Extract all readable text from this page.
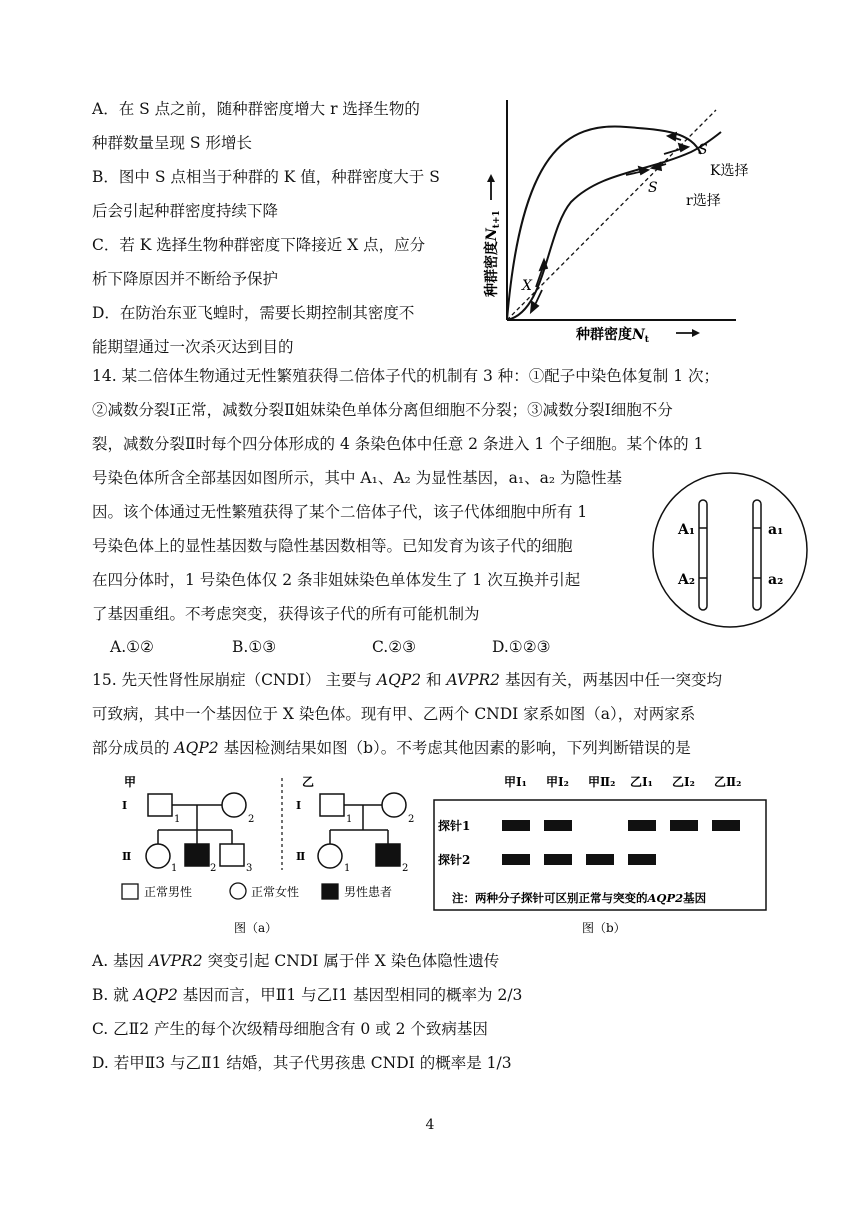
A．在 S 点之前，随种群密度增大 r 选择生物的
种群数量呈现 S 形增长
B．图中 S 点相当于种群的 K 值，种群密度大于 S
后会引起种群密度持续下降
C．若 K 选择生物种群密度下降接近 X 点，应分
析下降原因并不断给予保护
D．在防治东亚飞蝗时，需要长期控制其密度不
能期望通过一次杀灭达到目的
S
S
X
K选择
r选择
种群密度$N_t$
种群密度$N_{t+1}$
14. 某二倍体生物通过无性繁殖获得二倍体子代的机制有 3 种：①配子中染色体复制 1 次；
②减数分裂Ⅰ正常，减数分裂Ⅱ姐妹染色单体分离但细胞不分裂；③减数分裂Ⅰ细胞不分
裂，减数分裂Ⅱ时每个四分体形成的 4 条染色体中任意 2 条进入 1 个子细胞。某个体的 1
号染色体所含全部基因如图所示，其中 A₁、A₂ 为显性基因，a₁、a₂ 为隐性基
因。该个体通过无性繁殖获得了某个二倍体子代，该子代体细胞中所有 1
号染色体上的显性基因数与隐性基因数相等。已知发育为该子代的细胞
在四分体时，1 号染色体仅 2 条非姐妹染色单体发生了 1 次互换并引起
了基因重组。不考虑突变，获得该子代的所有可能机制为
A.①②	B.①③	C.②③	D.①②③
A₁
A₂
a₁
a₂
15. 先天性肾性尿崩症（CNDI） 主要与 AQP2 和 AVPR2 基因有关，两基因中任一突变均
可致病，其中一个基因位于 X 染色体。现有甲、乙两个 CNDI 家系如图（a），对两家系
部分成员的 AQP2 基因检测结果如图（b）。不考虑其他因素的影响，下列判断错误的是
甲	乙
Ⅰ
Ⅱ
1	2
1	2	3
Ⅰ
Ⅱ
1	2
1	2
正常男性	正常女性	男性患者
图（a）
甲Ⅰ₁ 甲Ⅰ₂ 甲Ⅱ₂ 乙Ⅰ₁ 乙Ⅰ₂ 乙Ⅱ₂
探针1
探针2
注：两种分子探针可区别正常与突变的AQP2基因
图（b）
A. 基因 AVPR2 突变引起 CNDI 属于伴 X 染色体隐性遗传
B. 就 AQP2 基因而言，甲Ⅱ1 与乙Ⅰ1 基因型相同的概率为 2/3
C. 乙Ⅱ2 产生的每个次级精母细胞含有 0 或 2 个致病基因
D. 若甲Ⅱ3 与乙Ⅱ1 结婚，其子代男孩患 CNDI 的概率是 1/3
4
